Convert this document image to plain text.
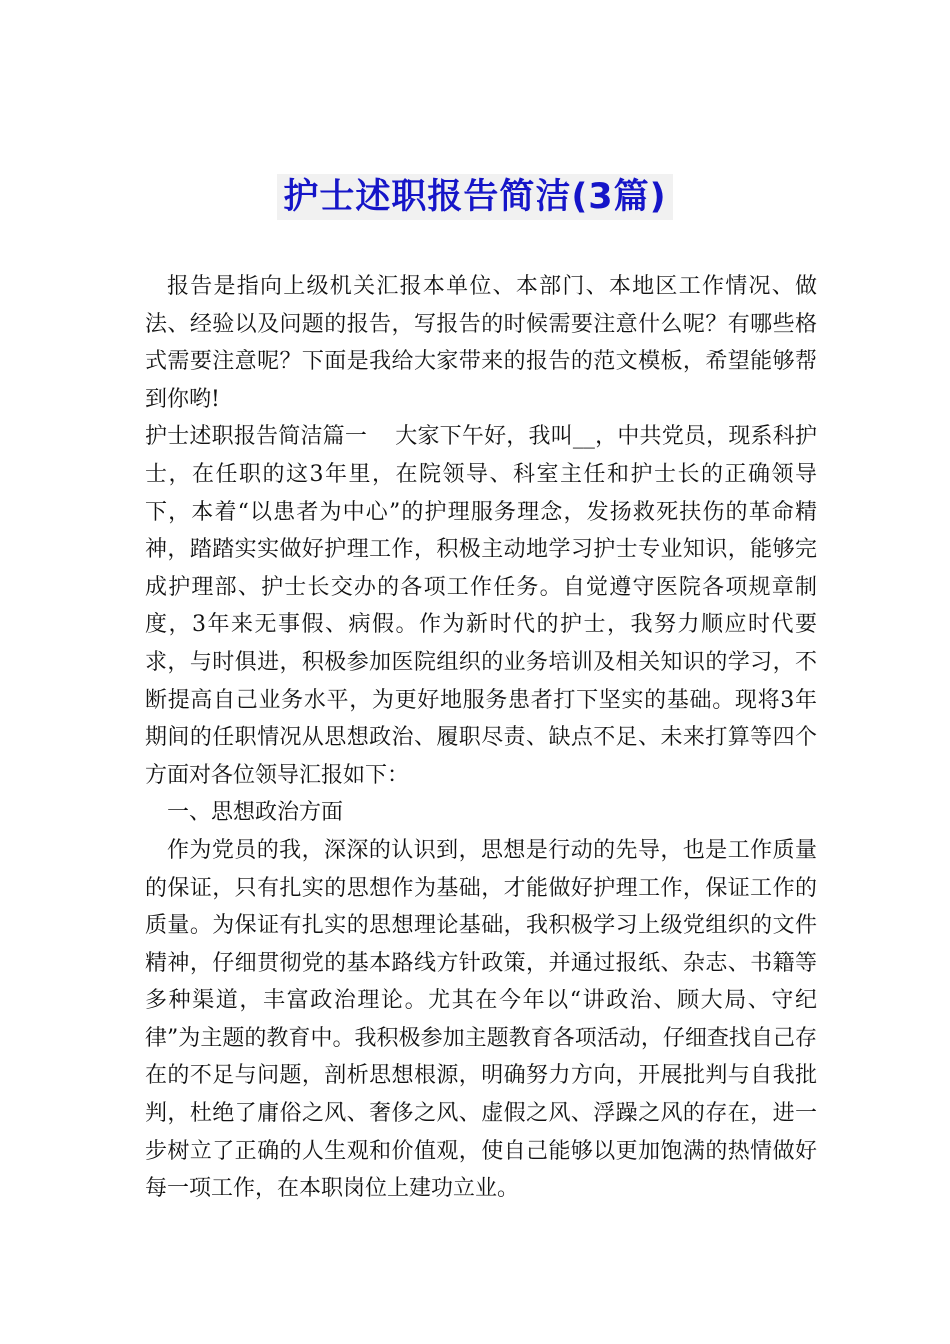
护士述职报告简洁(3篇)

报告是指向上级机关汇报本单位、本部门、本地区工作情况、做法、经验以及问题的报告，写报告的时候需要注意什么呢？有哪些格式需要注意呢？下面是我给大家带来的报告的范文模板，希望能够帮到你哟!

护士述职报告简洁篇一 大家下午好，我叫__，中共党员，现系科护士，在任职的这3年里，在院领导、科室主任和护士长的正确领导下，本着“以患者为中心”的护理服务理念，发扬救死扶伤的革命精神，踏踏实实做好护理工作，积极主动地学习护士专业知识，能够完成护理部、护士长交办的各项工作任务。自觉遵守医院各项规章制度，3年来无事假、病假。作为新时代的护士，我努力顺应时代要求，与时俱进，积极参加医院组织的业务培训及相关知识的学习，不断提高自己业务水平，为更好地服务患者打下坚实的基础。现将3年期间的任职情况从思想政治、履职尽责、缺点不足、未来打算等四个方面对各位领导汇报如下：

一、思想政治方面

作为党员的我，深深的认识到，思想是行动的先导，也是工作质量的保证，只有扎实的思想作为基础，才能做好护理工作，保证工作的质量。为保证有扎实的思想理论基础，我积极学习上级党组织的文件精神，仔细贯彻党的基本路线方针政策，并通过报纸、杂志、书籍等多种渠道，丰富政治理论。尤其在今年以“讲政治、顾大局、守纪律”为主题的教育中。我积极参加主题教育各项活动，仔细查找自己存在的不足与问题，剖析思想根源，明确努力方向，开展批判与自我批判，杜绝了庸俗之风、奢侈之风、虚假之风、浮躁之风的存在，进一步树立了正确的人生观和价值观，使自己能够以更加饱满的热情做好每一项工作，在本职岗位上建功立业。
